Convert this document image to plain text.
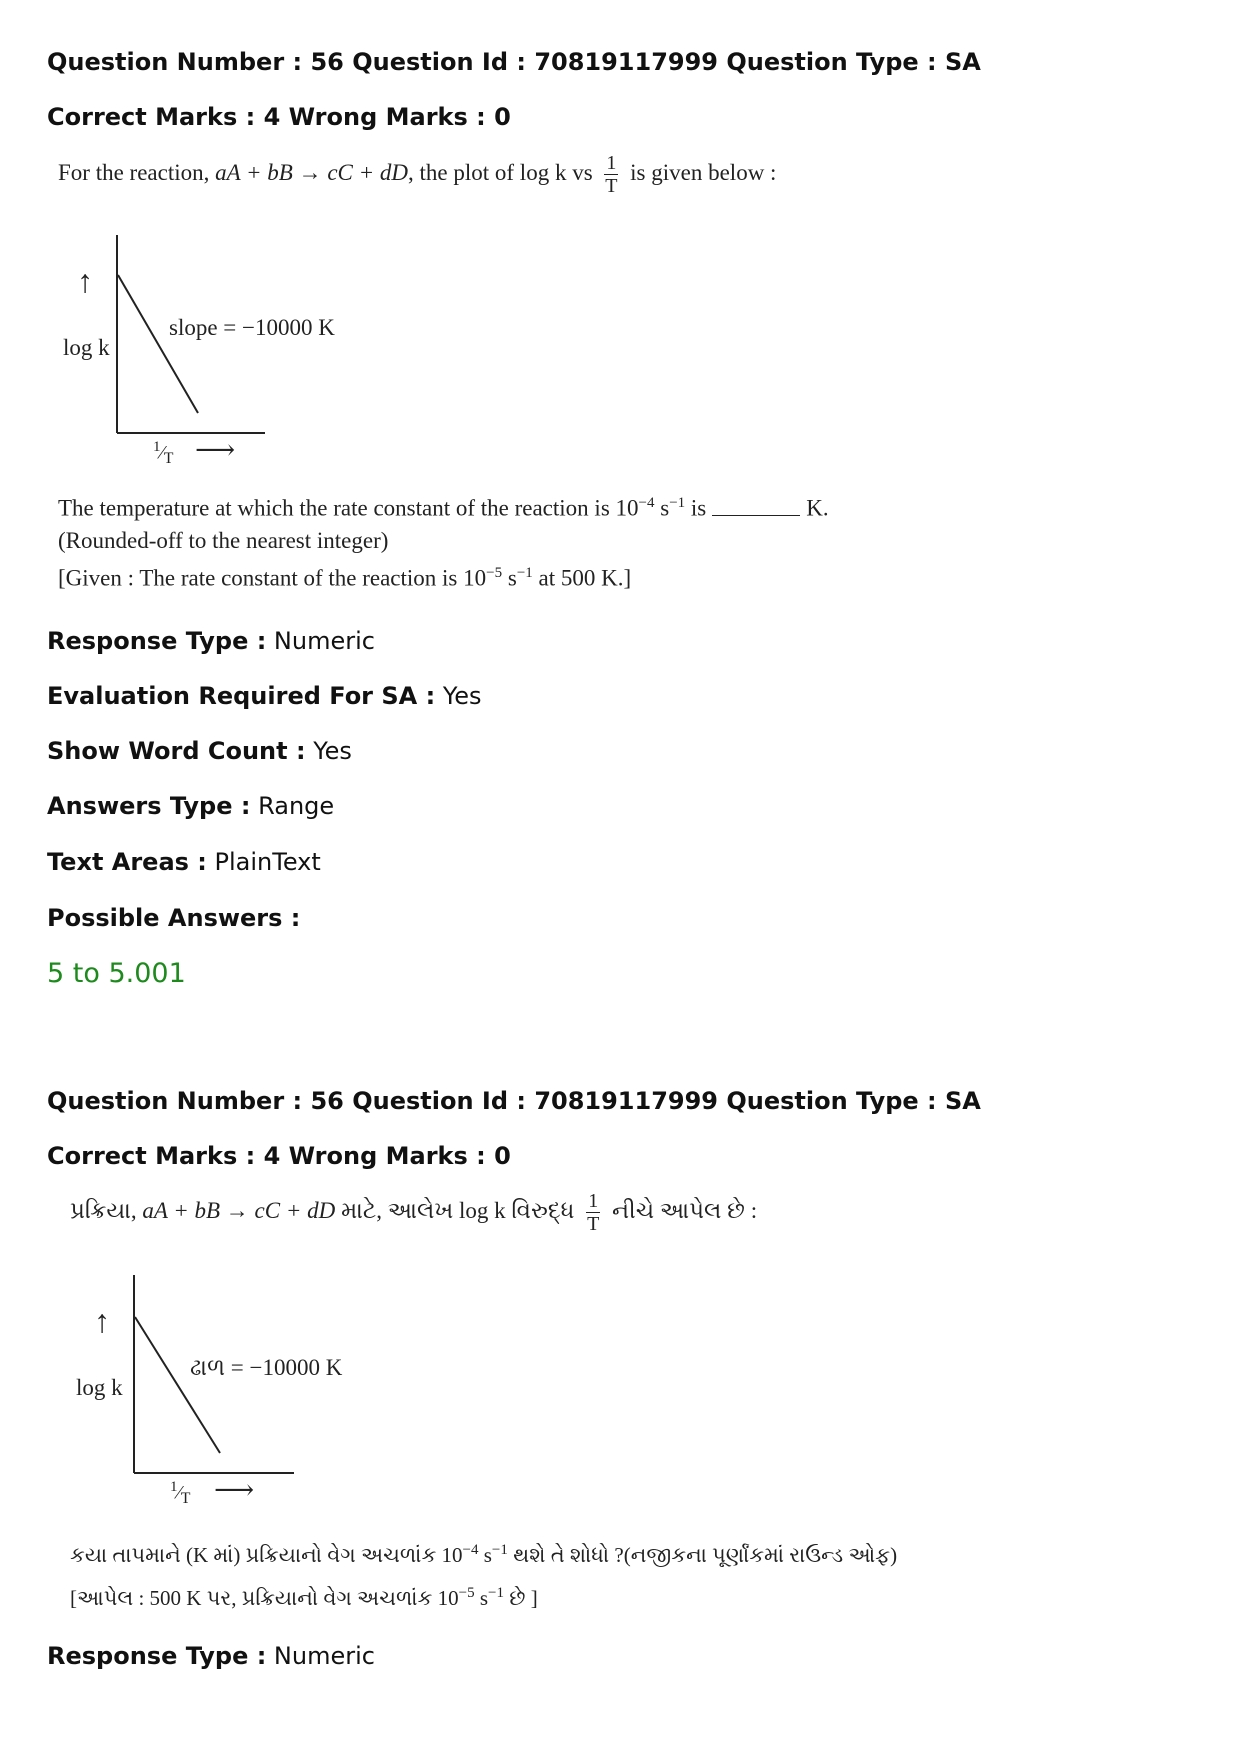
Question Number : 56 Question Id : 70819117999 Question Type : SA
Correct Marks : 4 Wrong Marks : 0
For the reaction, aA + bB → cC + dD, the plot of log k vs $\frac{1}{T}$ is given below :
↑
log k
slope = −10000 K
$^1⁄_T$ ⟶
The temperature at which the rate constant of the reaction is $10^{-4}$ $s^{-1}$ is	K.
(Rounded-off to the nearest integer)
[Given : The rate constant of the reaction is $10^{-5}$ $s^{-1}$ at 500 K.]
Response Type : Numeric
Evaluation Required For SA : Yes
Show Word Count : Yes
Answers Type : Range
Text Areas : PlainText
Possible Answers :
5 to 5.001
Question Number : 56 Question Id : 70819117999 Question Type : SA
Correct Marks : 4 Wrong Marks : 0
પ્રક્રિયા, aA + bB → cC + dD માટે, આલેખ log k વિરુદ્ધ $\frac{1}{T}$ નીચે આપેલ છે :
↑
log k
ઢાળ = −10000 K
$^1⁄_T$ ⟶
કયા તાપમાને (K માં) પ્રક્રિયાનો વેગ અચળાંક $10^{-4}$ $s^{-1}$ થશે તે શોધો ?(નજીકના પૂર્ણાંકમાં રાઉન્ડ ઓફ)
[આપેલ : 500 K પર, પ્રક્રિયાનો વેગ અચળાંક $10^{-5}$ $s^{-1}$ છે ]
Response Type : Numeric
